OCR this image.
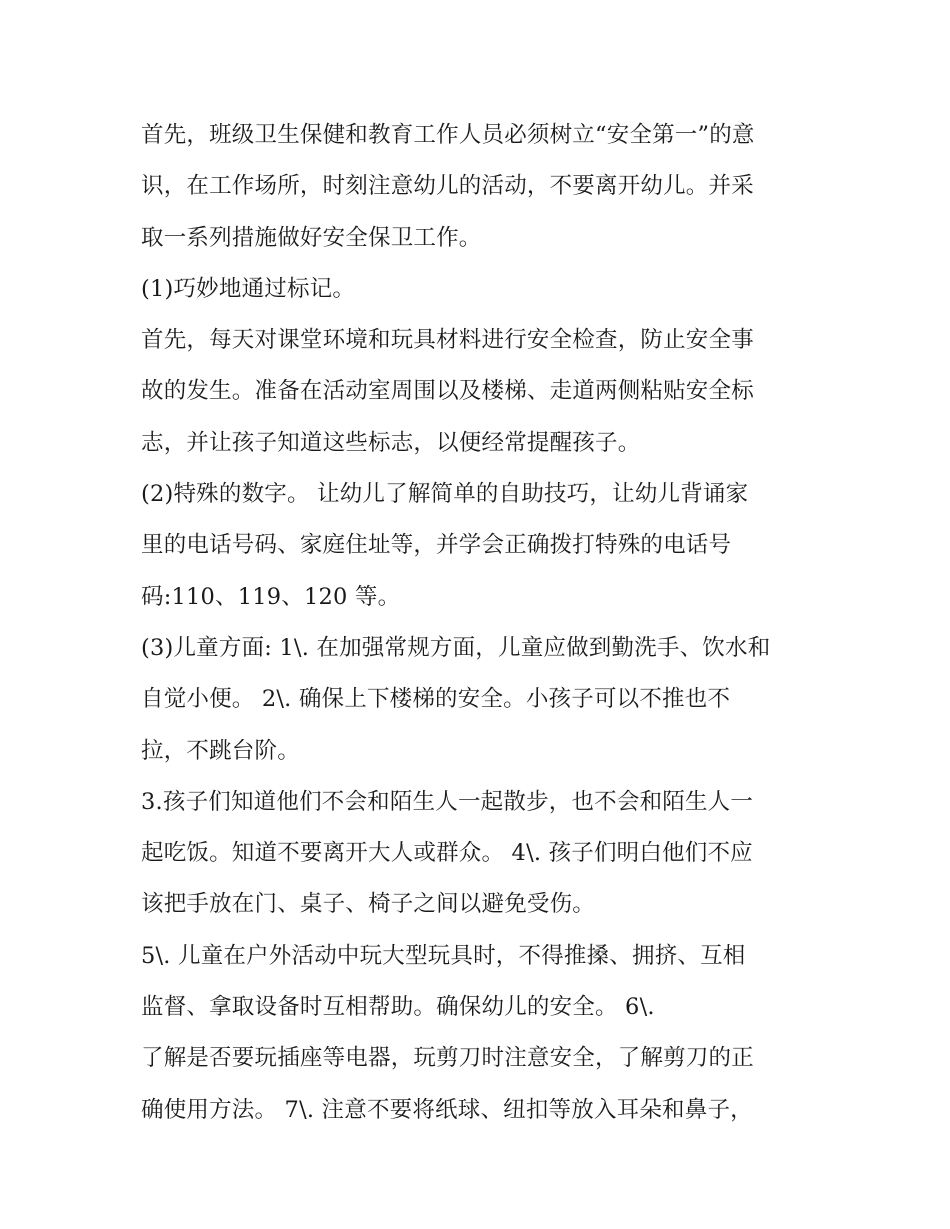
首先，班级卫生保健和教育工作人员必须树立“安全第一”的意
识，在工作场所，时刻注意幼儿的活动，不要离开幼儿。并采
取一系列措施做好安全保卫工作。
(1)巧妙地通过标记。
首先，每天对课堂环境和玩具材料进行安全检查，防止安全事
故的发生。准备在活动室周围以及楼梯、走道两侧粘贴安全标
志，并让孩子知道这些标志，以便经常提醒孩子。
(2)特殊的数字。 让幼儿了解简单的自助技巧，让幼儿背诵家
里的电话号码、家庭住址等，并学会正确拨打特殊的电话号
码:110、119、120 等。
(3)儿童方面: 1\. 在加强常规方面，儿童应做到勤洗手、饮水和
自觉小便。 2\. 确保上下楼梯的安全。小孩子可以不推也不
拉，不跳台阶。
3.孩子们知道他们不会和陌生人一起散步，也不会和陌生人一
起吃饭。知道不要离开大人或群众。 4\. 孩子们明白他们不应
该把手放在门、桌子、椅子之间以避免受伤。
5\. 儿童在户外活动中玩大型玩具时，不得推搡、拥挤、互相
监督、拿取设备时互相帮助。确保幼儿的安全。 6\.
了解是否要玩插座等电器，玩剪刀时注意安全，了解剪刀的正
确使用方法。 7\. 注意不要将纸球、纽扣等放入耳朵和鼻子，
